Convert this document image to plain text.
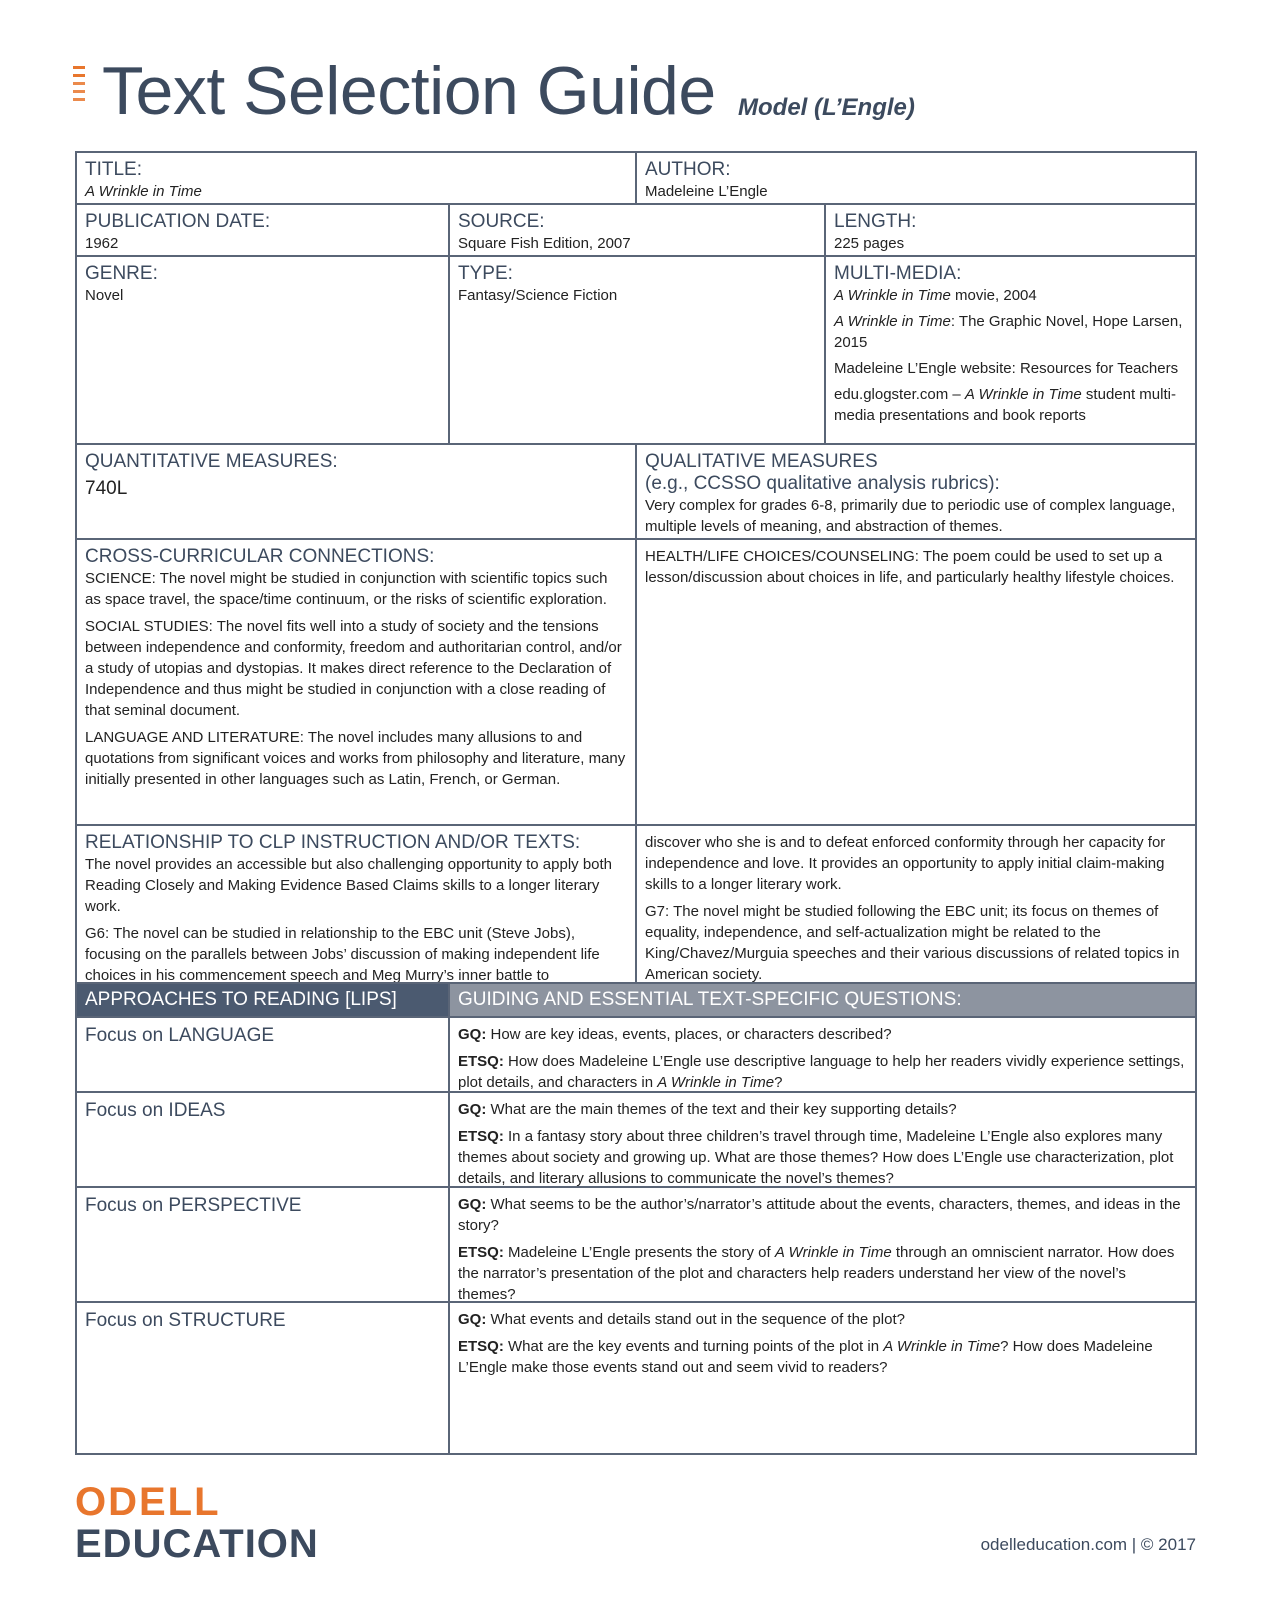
Text Selection Guide Model (L’Engle)
TITLE:
A Wrinkle in Time
AUTHOR:
Madeleine L’Engle
PUBLICATION DATE:
1962
SOURCE:
Square Fish Edition, 2007
LENGTH:
225 pages
GENRE:
Novel
TYPE:
Fantasy/Science Fiction
MULTI-MEDIA:
A Wrinkle in Time movie, 2004
A Wrinkle in Time: The Graphic Novel, Hope Larsen, 2015
Madeleine L’Engle website: Resources for Teachers
edu.glogster.com – A Wrinkle in Time student multi-media presentations and book reports
QUANTITATIVE MEASURES:
740L
QUALITATIVE MEASURES
(e.g., CCSSO qualitative analysis rubrics):
Very complex for grades 6-8, primarily due to periodic use of complex language, multiple levels of meaning, and abstraction of themes.
CROSS-CURRICULAR CONNECTIONS:

SCIENCE: The novel might be studied in conjunction with scientific topics such as space travel, the space/time continuum, or the risks of scientific exploration.

SOCIAL STUDIES: The novel fits well into a study of society and the tensions between independence and conformity, freedom and authoritarian control, and/or a study of utopias and dystopias. It makes direct reference to the Declaration of Independence and thus might be studied in conjunction with a close reading of that seminal document.

LANGUAGE AND LITERATURE: The novel includes many allusions to and quotations from significant voices and works from philosophy and literature, many initially presented in other languages such as Latin, French, or German.

HEALTH/LIFE CHOICES/COUNSELING: The poem could be used to set up a lesson/discussion about choices in life, and particularly healthy lifestyle choices.

RELATIONSHIP TO CLP INSTRUCTION AND/OR TEXTS:

The novel provides an accessible but also challenging opportunity to apply both Reading Closely and Making Evidence Based Claims skills to a longer literary work.

G6: The novel can be studied in relationship to the EBC unit (Steve Jobs), focusing on the parallels between Jobs’ discussion of making independent life choices in his commencement speech and Meg Murry’s inner battle to

discover who she is and to defeat enforced conformity through her capacity for independence and love. It provides an opportunity to apply initial claim-making skills to a longer literary work.

G7: The novel might be studied following the EBC unit; its focus on themes of equality, independence, and self-actualization might be related to the King/Chavez/Murguia speeches and their various discussions of related topics in American society.

APPROACHES TO READING [LIPS]	GUIDING AND ESSENTIAL TEXT-SPECIFIC QUESTIONS:
Focus on LANGUAGE	GQ: How are key ideas, events, places, or characters described?

ETSQ: How does Madeleine L’Engle use descriptive language to help her readers vividly experience settings, plot details, and characters in A Wrinkle in Time?

Focus on IDEAS	GQ: What are the main themes of the text and their key supporting details?

ETSQ: In a fantasy story about three children’s travel through time, Madeleine L’Engle also explores many themes about society and growing up. What are those themes? How does L’Engle use characterization, plot details, and literary allusions to communicate the novel’s themes?

Focus on PERSPECTIVE	GQ: What seems to be the author’s/narrator’s attitude about the events, characters, themes, and ideas in the story?

ETSQ: Madeleine L’Engle presents the story of A Wrinkle in Time through an omniscient narrator. How does the narrator’s presentation of the plot and characters help readers understand her view of the novel’s themes?

Focus on STRUCTURE	GQ: What events and details stand out in the sequence of the plot?

ETSQ: What are the key events and turning points of the plot in A Wrinkle in Time? How does Madeleine L’Engle make those events stand out and seem vivid to readers?

ODELL
EDUCATION	odelleducation.com | © 2017
